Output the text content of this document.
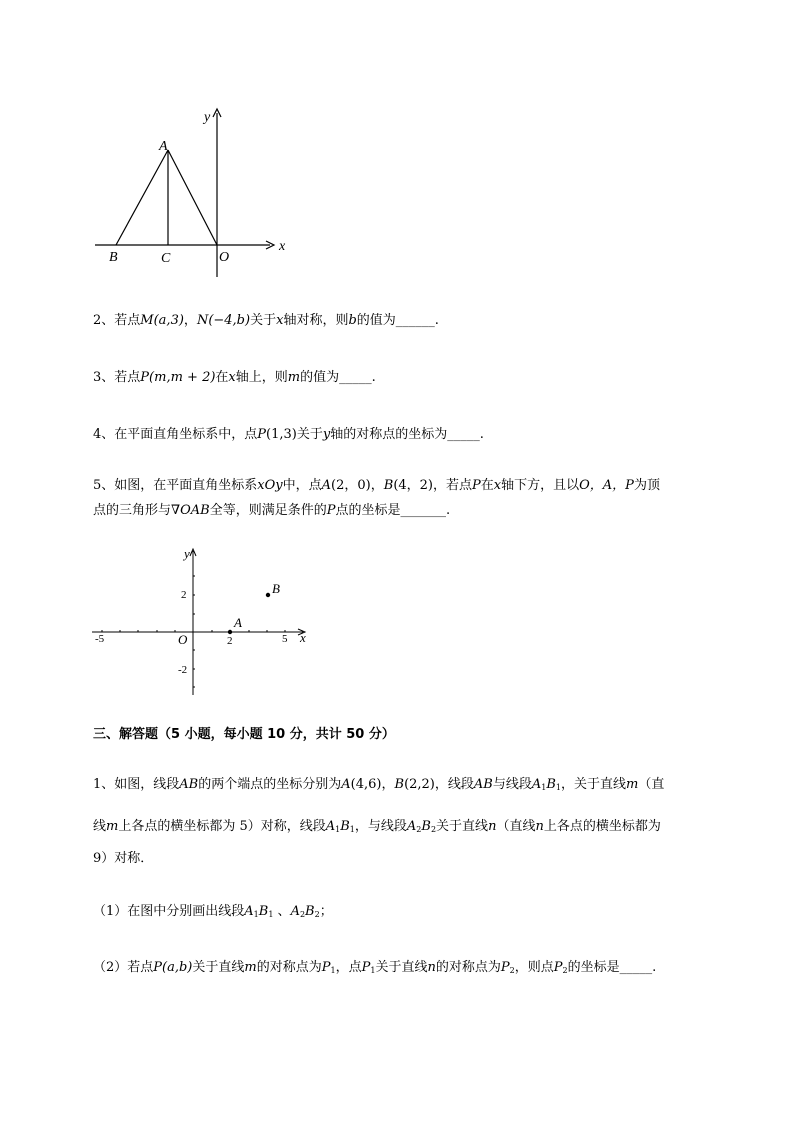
y
x
A
B	C	O
2、若点M(a,3)，N(−4,b)关于x轴对称，则b的值为______.
3、若点P(m,m + 2)在x轴上，则m的值为_____.
4、在平面直角坐标系中，点P(1,3)关于y轴的对称点的坐标为_____.
5、如图，在平面直角坐标系xOy中，点A(2，0)，B(4，2)，若点P在x轴下方，且以O，A，P为顶
点的三角形与∇OAB全等，则满足条件的P点的坐标是_______.
-5	5
2
2
-2
y
x
O
A
B
三、解答题（5 小题，每小题 10 分，共计 50 分）
1、如图，线段AB的两个端点的坐标分别为A(4,6)，B(2,2)，线段AB与线段$A_1B_1$，关于直线m（直
线m上各点的横坐标都为 5）对称，线段$A_1B_1$，与线段$A_2B_2$关于直线n（直线n上各点的横坐标都为
9）对称．
（1）在图中分别画出线段$A_1B_1$ 、$A_2B_2$；
（2）若点P(a,b)关于直线m的对称点为$P_1$，点$P_1$关于直线n的对称点为$P_2$，则点$P_2$的坐标是_____.
